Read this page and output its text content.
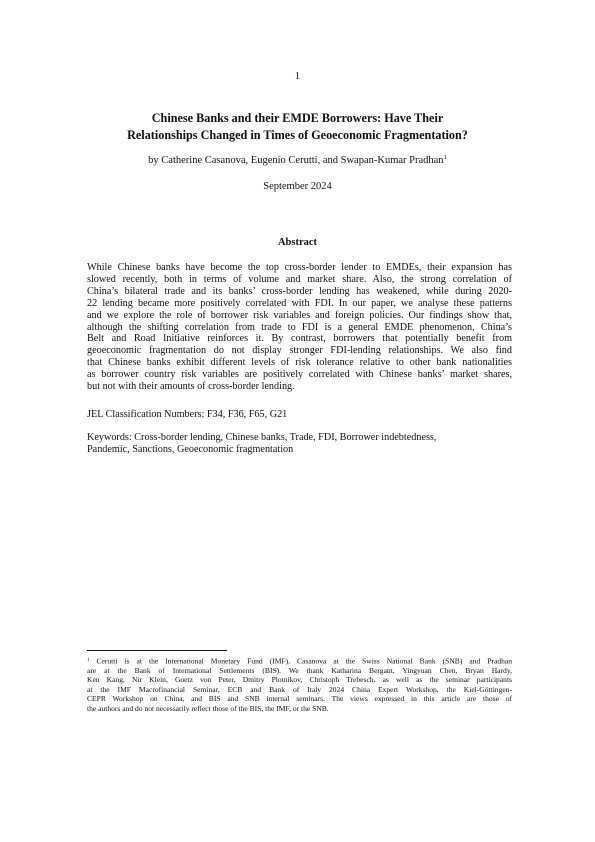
1
Chinese Banks and their EMDE Borrowers: Have Their
Relationships Changed in Times of Geoeconomic Fragmentation?
by Catherine Casanova, Eugenio Cerutti, and Swapan-Kumar Pradhan$^1$
September 2024
Abstract
While Chinese banks have become the top cross-border lender to EMDEs, their expansion has
slowed recently, both in terms of volume and market share. Also, the strong correlation of
China’s bilateral trade and its banks’ cross-border lending has weakened, while during 2020-
22 lending became more positively correlated with FDI. In our paper, we analyse these patterns
and we explore the role of borrower risk variables and foreign policies. Our findings show that,
although the shifting correlation from trade to FDI is a general EMDE phenomenon, China’s
Belt and Road Initiative reinforces it. By contrast, borrowers that potentially benefit from
geoeconomic fragmentation do not display stronger FDI-lending relationships. We also find
that Chinese banks exhibit different levels of risk tolerance relative to other bank nationalities
as borrower country risk variables are positively correlated with Chinese banks’ market shares,
but not with their amounts of cross-border lending.
JEL Classification Numbers: F34, F36, F65, G21
Keywords: Cross-border lending, Chinese banks, Trade, FDI, Borrower indebtedness,
Pandemic, Sanctions, Geoeconomic fragmentation
$^1$ Cerutti is at the International Monetary Fund (IMF), Casanova at the Swiss National Bank (SNB) and Pradhan
are at the Bank of International Settlements (BIS). We thank Katharina Bergant, Yingyuan Chen, Bryan Hardy,
Ken Kang, Nir Klein, Goetz von Peter, Dmitry Plotnikov, Christoph Trebesch, as well as the seminar participants
at the IMF Macrofinancial Seminar, ECB and Bank of Italy 2024 China Expert Workshop, the Kiel-Göttingen-
CEPR Workshop on China, and BIS and SNB internal seminars. The views expressed in this article are those of
the authors and do not necessarily reflect those of the BIS, the IMF, or the SNB.
